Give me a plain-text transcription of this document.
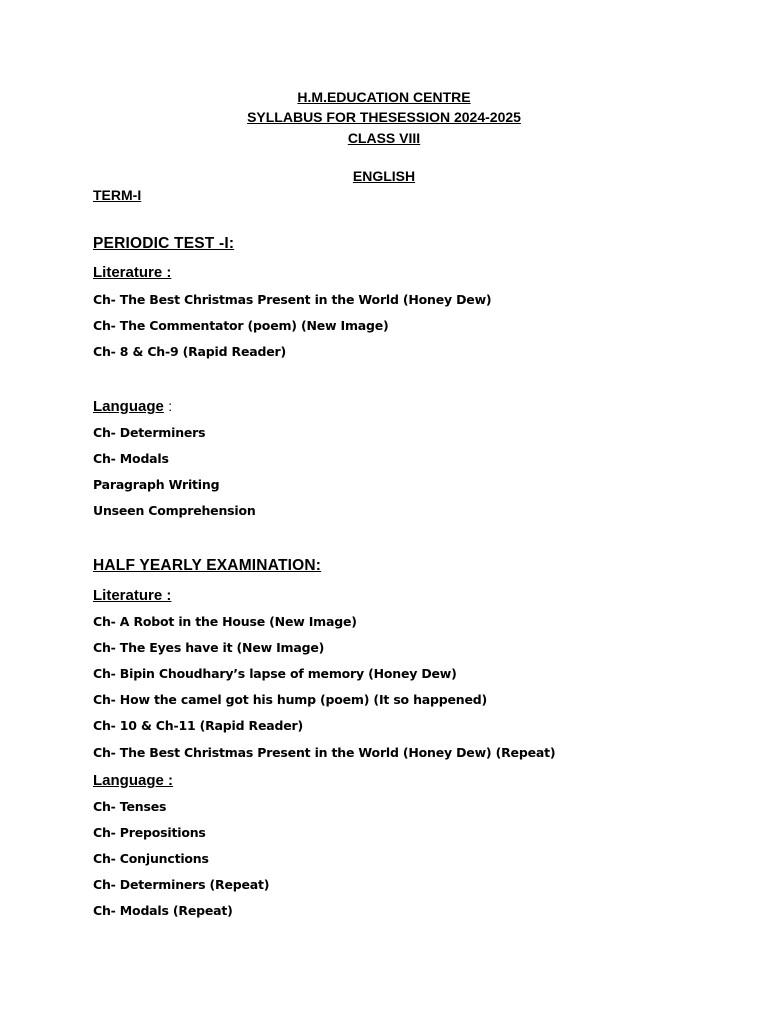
H.M.EDUCATION CENTRE
SYLLABUS FOR THESESSION 2024-2025
CLASS VIII
ENGLISH
TERM-I
PERIODIC TEST -I:
Literature :
Ch- The Best Christmas Present in the World (Honey Dew)
Ch- The Commentator (poem) (New Image)
Ch- 8 & Ch-9 (Rapid Reader)
Language :
Ch- Determiners
Ch- Modals
Paragraph Writing
Unseen Comprehension
HALF YEARLY EXAMINATION:
Literature :
Ch- A Robot in the House (New Image)
Ch- The Eyes have it (New Image)
Ch- Bipin Choudhary’s lapse of memory (Honey Dew)
Ch- How the camel got his hump (poem) (It so happened)
Ch- 10 & Ch-11 (Rapid Reader)
Ch- The Best Christmas Present in the World (Honey Dew) (Repeat)
Language :
Ch- Tenses
Ch- Prepositions
Ch- Conjunctions
Ch- Determiners (Repeat)
Ch- Modals (Repeat)
